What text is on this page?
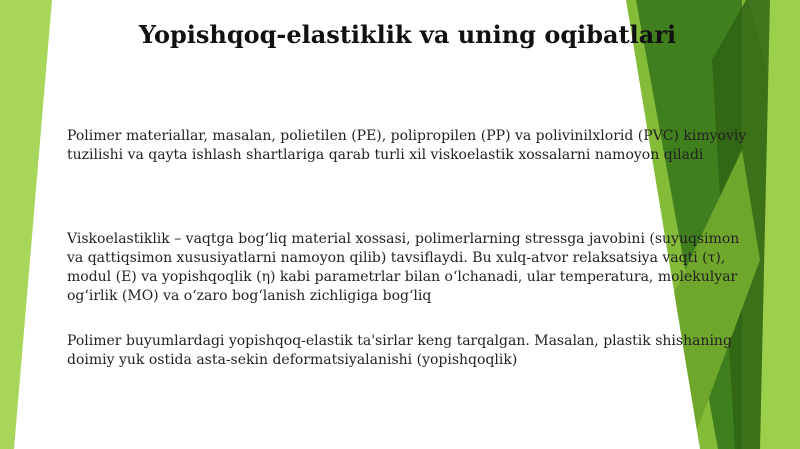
Yopishqoq-elastiklik va uning oqibatlari

Polimer materiallar, masalan, polietilen (PE), polipropilen (PP) va polivinilxlorid (PVC) kimyoviy tuzilishi va qayta ishlash shartlariga qarab turli xil viskoelastik xossalarni namoyon qiladi

Viskoelastiklik – vaqtga bog‘liq material xossasi, polimerlarning stressga javobini (suyuqsimon va qattiqsimon xususiyatlarni namoyon qilib) tavsiflaydi. Bu xulq-atvor relaksatsiya vaqti (τ), modul (E) va yopishqoqlik (η) kabi parametrlar bilan o‘lchanadi, ular temperatura, molekulyar og‘irlik (MO) va o‘zaro bog‘lanish zichligiga bog‘liq

Polimer buyumlardagi yopishqoq-elastik ta'sirlar keng tarqalgan. Masalan, plastik shishaning doimiy yuk ostida asta-sekin deformatsiyalanishi (yopishqoqlik)
